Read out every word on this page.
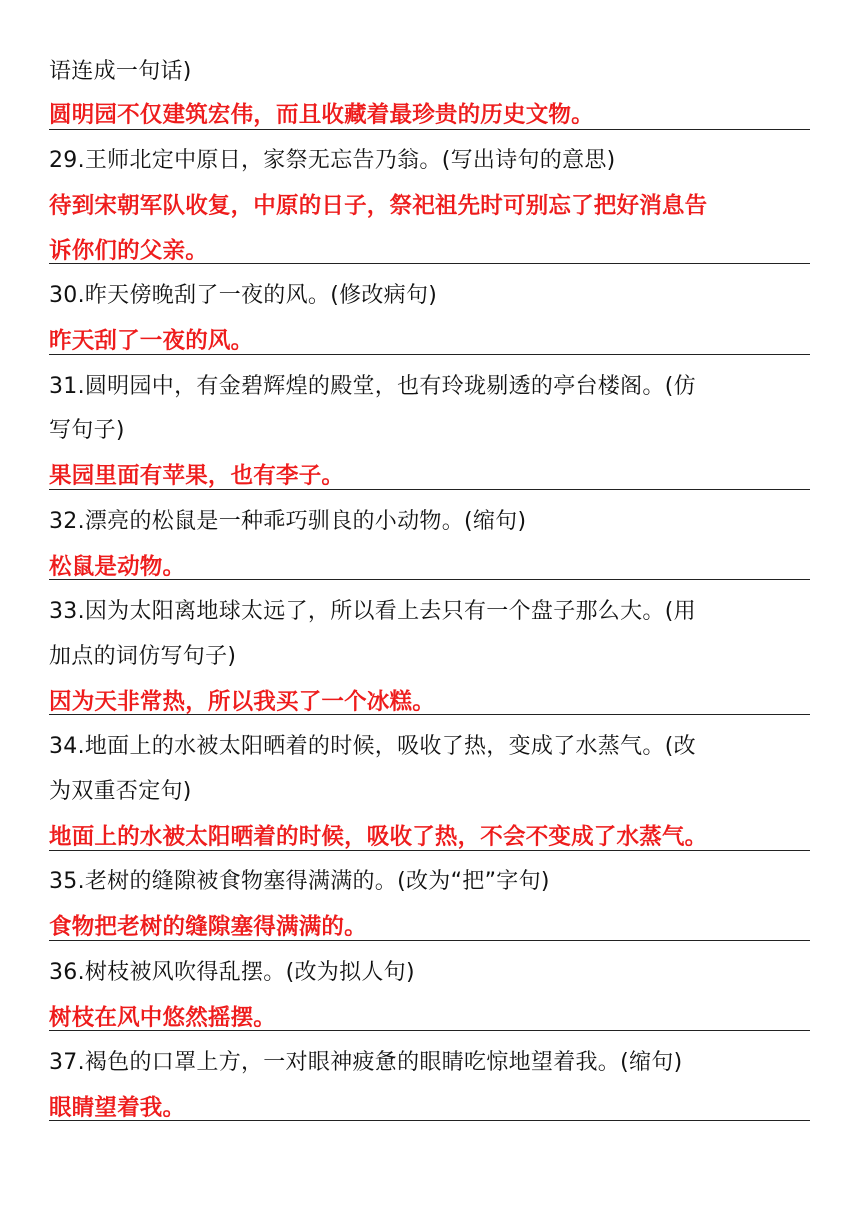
语连成一句话)
圆明园不仅建筑宏伟，而且收藏着最珍贵的历史文物。
29.王师北定中原日，家祭无忘告乃翁。(写出诗句的意思)
待到宋朝军队收复，中原的日子，祭祀祖先时可别忘了把好消息告
诉你们的父亲。
30.昨天傍晚刮了一夜的风。(修改病句)
昨天刮了一夜的风。
31.圆明园中，有金碧辉煌的殿堂，也有玲珑剔透的亭台楼阁。(仿
写句子)
果园里面有苹果，也有李子。
32.漂亮的松鼠是一种乖巧驯良的小动物。(缩句)
松鼠是动物。
33.因为太阳离地球太远了，所以看上去只有一个盘子那么大。(用
加点的词仿写句子)
因为天非常热，所以我买了一个冰糕。
34.地面上的水被太阳晒着的时候，吸收了热，变成了水蒸气。(改
为双重否定句)
地面上的水被太阳晒着的时候，吸收了热，不会不变成了水蒸气。
35.老树的缝隙被食物塞得满满的。(改为“把”字句)
食物把老树的缝隙塞得满满的。
36.树枝被风吹得乱摆。(改为拟人句)
树枝在风中悠然摇摆。
37.褐色的口罩上方，一对眼神疲惫的眼睛吃惊地望着我。(缩句)
眼睛望着我。
